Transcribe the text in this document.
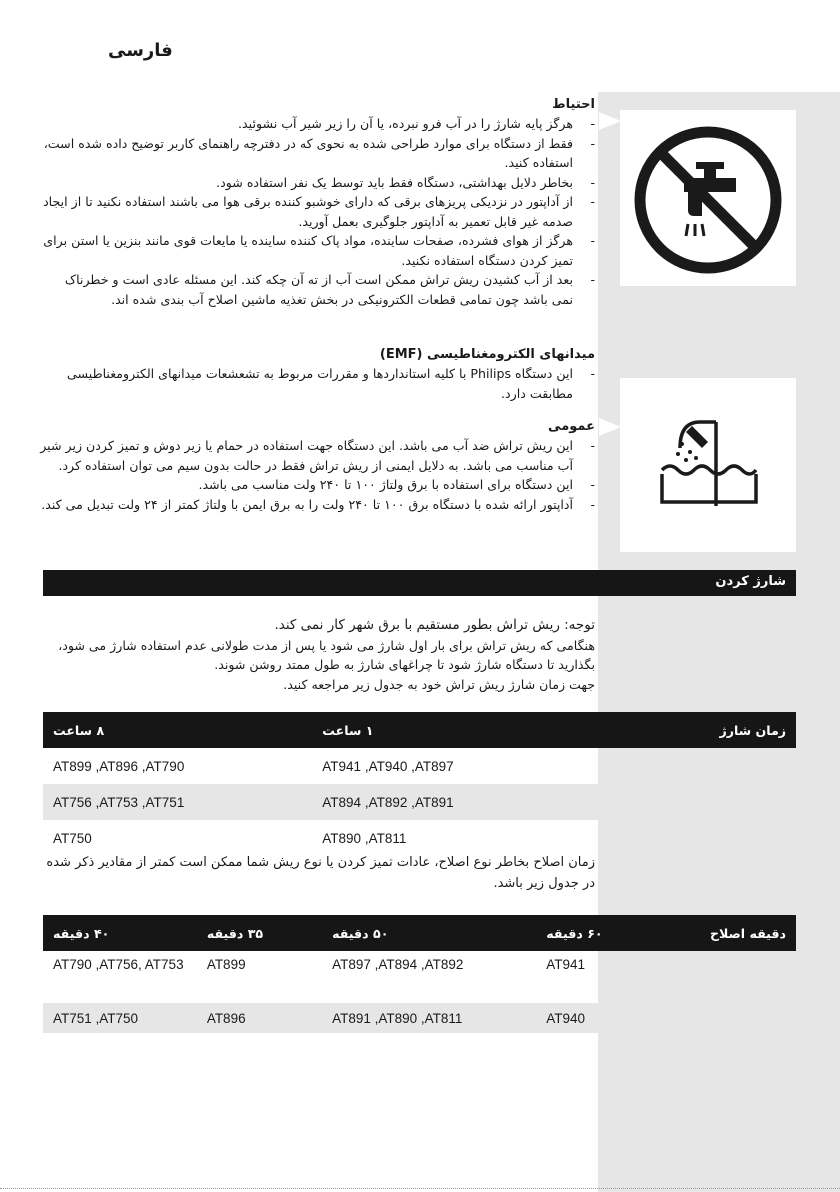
فارسی
احتیاط

-
هرگز پایه شارژ را در آب فرو نبرده، یا آن را زیر شیر آب نشوئید.

-
فقط از دستگاه برای موارد طراحی شده به نحوی که در دفترچه راهنمای کاربر توضیح داده شده است، استفاده کنید.

-
بخاطر دلایل بهداشتی، دستگاه فقط باید توسط یک نفر استفاده شود.

-
از آداپتور در نزدیکی پریزهای برقی که دارای خوشبو کننده برقی هوا می باشند استفاده نکنید تا از ایجاد صدمه غیر قابل تعمیر به آداپتور جلوگیری بعمل آورید.

-
هرگز از هوای فشرده، صفحات ساینده، مواد پاک کننده ساینده یا مایعات قوی مانند بنزین یا استن برای تمیز کردن دستگاه استفاده نکنید.

-
بعد از آب کشیدن ریش تراش ممکن است آب از ته آن چکه کند. این مسئله عادی است و خطرناک نمی باشد چون تمامی قطعات الکترونیکی در بخش تغذیه ماشین اصلاح آب بندی شده اند.

میدانهای الکترومغناطیسی (EMF)

-
این دستگاه Philips با کلیه استانداردها و مقررات مربوط به تشعشعات میدانهای الکترومغناطیسی مطابقت دارد.

عمومی

-
این ریش تراش ضد آب می باشد. این دستگاه جهت استفاده در حمام یا زیر دوش و تمیز کردن زیر شیر آب مناسب می باشد. به دلایل ایمنی از ریش تراش فقط در حالت بدون سیم می توان استفاده کرد.

-
این دستگاه برای استفاده با برق ولتاژ ۱۰۰ تا ۲۴۰ ولت مناسب می باشد.

-
آداپتور ارائه شده با دستگاه برق ۱۰۰ تا ۲۴۰ ولت را به برق ایمن با ولتاژ کمتر از ۲۴ ولت تبدیل می کند.

شارژ کردن

توجه: ریش تراش بطور مستقیم با برق شهر کار نمی کند.

هنگامی که ریش تراش برای بار اول شارژ می شود یا پس از مدت طولانی عدم استفاده شارژ می شود، بگذارید تا دستگاه شارژ شود تا چراغهای شارژ به طول ممتد روشن شوند.

جهت زمان شارژ ریش تراش خود به جدول زیر مراجعه کنید.

زمان شارژ	۱ ساعت	۸ ساعت
	AT941 ,AT940 ,AT897	AT899 ,AT896 ,AT790
	AT894 ,AT892 ,AT891	AT756 ,AT753 ,AT751
	AT890 ,AT811	AT750

زمان اصلاح بخاطر نوع اصلاح، عادات تمیز کردن یا نوع ریش شما ممکن است کمتر از مقادیر ذکر شده در جدول زیر باشد.

دقیقه اصلاح	۶۰ دقیقه	۵۰ دقیقه	۳۵ دقیقه	۴۰ دقیقه
	AT941	AT897 ,AT894 ,AT892	AT899	AT790 ,AT756, AT753
	AT940	AT891 ,AT890 ,AT811	AT896	AT751 ,AT750
